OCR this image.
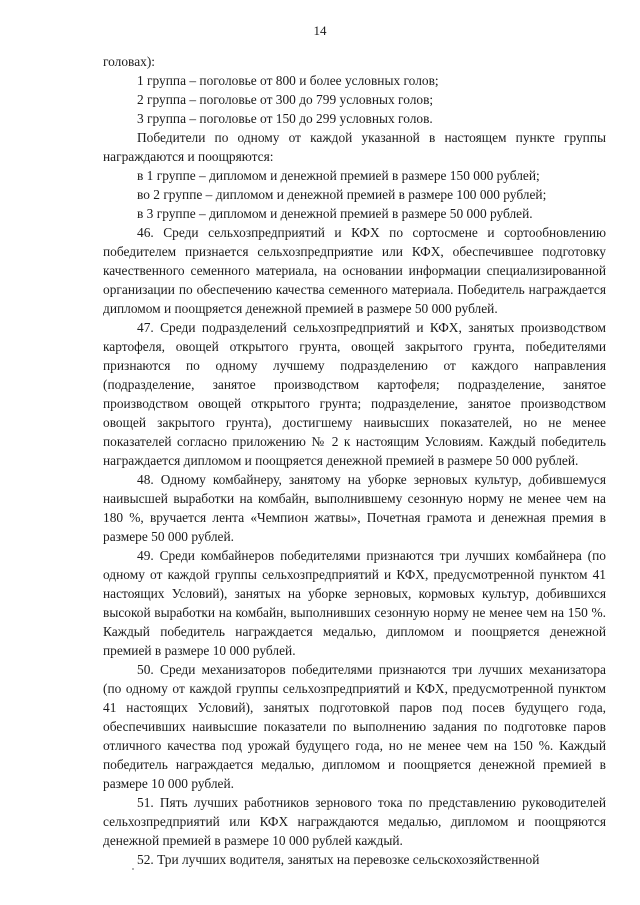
14

головах):

1 группа – поголовье от 800 и более условных голов;

2 группа – поголовье от 300 до 799 условных голов;

3 группа – поголовье от 150 до 299 условных голов.

Победители по одному от каждой указанной в настоящем пункте группы награждаются и поощряются:

в 1 группе – дипломом и денежной премией в размере 150 000 рублей;

во 2 группе – дипломом и денежной премией в размере 100 000 рублей;

в 3 группе – дипломом и денежной премией в размере 50 000 рублей.

46. Среди сельхозпредприятий и КФХ по сортосмене и сортообновлению победителем признается сельхозпредприятие или КФХ, обеспечившее подготовку качественного семенного материала, на основании информации специализированной организации по обеспечению качества семенного материала. Победитель награждается дипломом и поощряется денежной премией в размере 50 000 рублей.

47. Среди подразделений сельхозпредприятий и КФХ, занятых производством картофеля, овощей открытого грунта, овощей закрытого грунта, победителями признаются по одному лучшему подразделению от каждого направления (подразделение, занятое производством картофеля; подразделение, занятое производством овощей открытого грунта; подразделение, занятое производством овощей закрытого грунта), достигшему наивысших показателей, но не менее показателей согласно приложению № 2 к настоящим Условиям. Каждый победитель награждается дипломом и поощряется денежной премией в размере 50 000 рублей.

48. Одному комбайнеру, занятому на уборке зерновых культур, добившемуся наивысшей выработки на комбайн, выполнившему сезонную норму не менее чем на 180 %, вручается лента «Чемпион жатвы», Почетная грамота и денежная премия в размере 50 000 рублей.

49. Среди комбайнеров победителями признаются три лучших комбайнера (по одному от каждой группы сельхозпредприятий и КФХ, предусмотренной пунктом 41 настоящих Условий), занятых на уборке зерновых, кормовых культур, добившихся высокой выработки на комбайн, выполнивших сезонную норму не менее чем на 150 %. Каждый победитель награждается медалью, дипломом и поощряется денежной премией в размере 10 000 рублей.

50. Среди механизаторов победителями признаются три лучших механизатора (по одному от каждой группы сельхозпредприятий и КФХ, предусмотренной пунктом 41 настоящих Условий), занятых подготовкой паров под посев будущего года, обеспечивших наивысшие показатели по выполнению задания по подготовке паров отличного качества под урожай будущего года, но не менее чем на 150 %. Каждый победитель награждается медалью, дипломом и поощряется денежной премией в размере 10 000 рублей.

51. Пять лучших работников зернового тока по представлению руководителей сельхозпредприятий или КФХ награждаются медалью, дипломом и поощряются денежной премией в размере 10 000 рублей каждый.

52. Три лучших водителя, занятых на перевозке сельскохозяйственной
